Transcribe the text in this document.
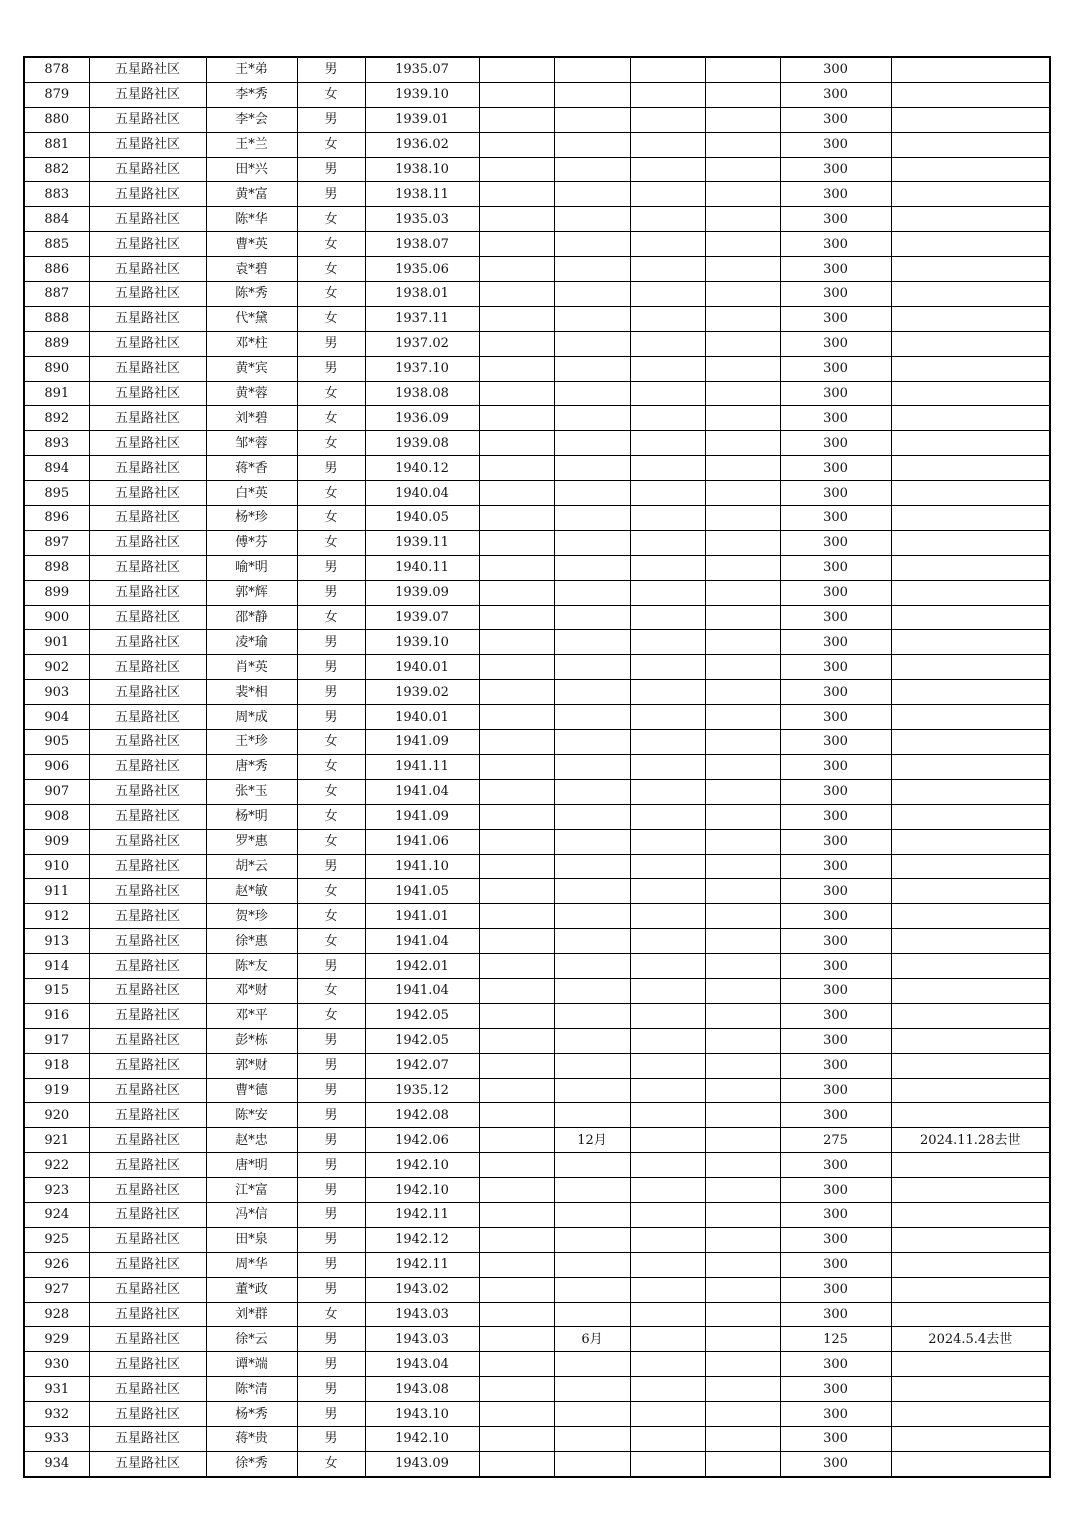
878	五星路社区	王*弟	男	1935.07					300	
879	五星路社区	李*秀	女	1939.10					300	
880	五星路社区	李*会	男	1939.01					300	
881	五星路社区	王*兰	女	1936.02					300	
882	五星路社区	田*兴	男	1938.10					300	
883	五星路社区	黄*富	男	1938.11					300	
884	五星路社区	陈*华	女	1935.03					300	
885	五星路社区	曹*英	女	1938.07					300	
886	五星路社区	袁*碧	女	1935.06					300	
887	五星路社区	陈*秀	女	1938.01					300	
888	五星路社区	代*黛	女	1937.11					300	
889	五星路社区	邓*柱	男	1937.02					300	
890	五星路社区	黄*宾	男	1937.10					300	
891	五星路社区	黄*蓉	女	1938.08					300	
892	五星路社区	刘*碧	女	1936.09					300	
893	五星路社区	邹*蓉	女	1939.08					300	
894	五星路社区	蒋*香	男	1940.12					300	
895	五星路社区	白*英	女	1940.04					300	
896	五星路社区	杨*珍	女	1940.05					300	
897	五星路社区	傅*芬	女	1939.11					300	
898	五星路社区	喻*明	男	1940.11					300	
899	五星路社区	郭*辉	男	1939.09					300	
900	五星路社区	邵*静	女	1939.07					300	
901	五星路社区	凌*瑜	男	1939.10					300	
902	五星路社区	肖*英	男	1940.01					300	
903	五星路社区	裴*相	男	1939.02					300	
904	五星路社区	周*成	男	1940.01					300	
905	五星路社区	王*珍	女	1941.09					300	
906	五星路社区	唐*秀	女	1941.11					300	
907	五星路社区	张*玉	女	1941.04					300	
908	五星路社区	杨*明	女	1941.09					300	
909	五星路社区	罗*惠	女	1941.06					300	
910	五星路社区	胡*云	男	1941.10					300	
911	五星路社区	赵*敏	女	1941.05					300	
912	五星路社区	贺*珍	女	1941.01					300	
913	五星路社区	徐*惠	女	1941.04					300	
914	五星路社区	陈*友	男	1942.01					300	
915	五星路社区	邓*财	女	1941.04					300	
916	五星路社区	邓*平	女	1942.05					300	
917	五星路社区	彭*栋	男	1942.05					300	
918	五星路社区	郭*财	男	1942.07					300	
919	五星路社区	曹*德	男	1935.12					300	
920	五星路社区	陈*安	男	1942.08					300	
921	五星路社区	赵*忠	男	1942.06		12月			275	2024.11.28去世
922	五星路社区	唐*明	男	1942.10					300	
923	五星路社区	江*富	男	1942.10					300	
924	五星路社区	冯*信	男	1942.11					300	
925	五星路社区	田*泉	男	1942.12					300	
926	五星路社区	周*华	男	1942.11					300	
927	五星路社区	董*政	男	1943.02					300	
928	五星路社区	刘*群	女	1943.03					300	
929	五星路社区	徐*云	男	1943.03		6月			125	2024.5.4去世
930	五星路社区	谭*端	男	1943.04					300	
931	五星路社区	陈*清	男	1943.08					300	
932	五星路社区	杨*秀	男	1943.10					300	
933	五星路社区	蒋*贵	男	1942.10					300	
934	五星路社区	徐*秀	女	1943.09					300	
